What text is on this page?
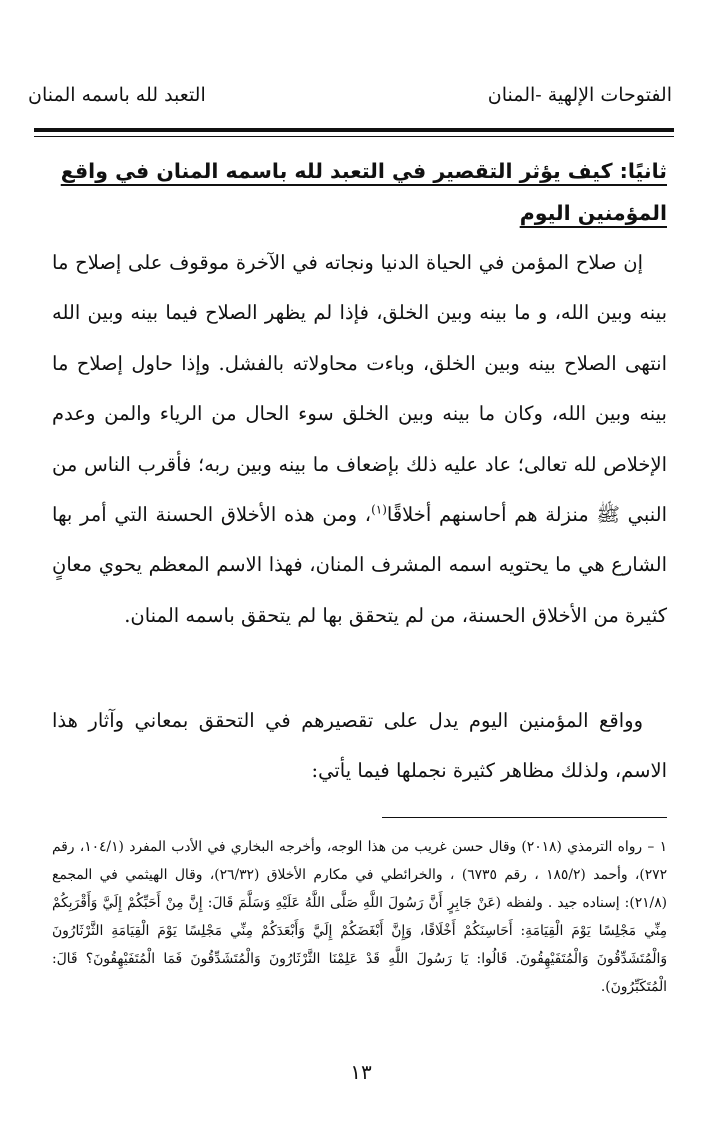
الفتوحات الإلهية -المنان
التعبد لله باسمه المنان
ثانيًا: كيف يؤثر التقصير في التعبد لله باسمه المنان في واقع المؤمنين اليوم
إن صلاح المؤمن في الحياة الدنيا ونجاته في الآخرة موقوف على إصلاح ما بينه وبين الله، و ما بينه وبين الخلق، فإذا لم يظهر الصلاح فيما بينه وبين الله انتهى الصلاح بينه وبين الخلق، وباءت محاولاته بالفشل. وإذا حاول إصلاح ما بينه وبين الله، وكان ما بينه وبين الخلق سوء الحال من الرياء والمن وعدم الإخلاص لله تعالى؛ عاد عليه ذلك بإضعاف ما بينه وبين ربه؛ فأقرب الناس من النبي ﷺ منزلة هم أحاسنهم أخلاقًا$^{(١)}$، ومن هذه الأخلاق الحسنة التي أمر بها الشارع هي ما يحتويه اسمه المشرف المنان، فهذا الاسم المعظم يحوي معانٍ كثيرة من الأخلاق الحسنة، من لم يتحقق بها لم يتحقق باسمه المنان.
وواقع المؤمنين اليوم يدل على تقصيرهم في التحقق بمعاني وآثار هذا الاسم، ولذلك مظاهر كثيرة نجملها فيما يأتي:
١ – رواه الترمذي (٢٠١٨) وقال حسن غريب من هذا الوجه، وأخرجه البخاري في الأدب المفرد (١٠٤/١، رقم ٢٧٢)، وأحمد (١٨٥/٢ ، رقم ٦٧٣٥) ، والخرائطي في مكارم الأخلاق (٢٦/٣٢)، وقال الهيثمي في المجمع (٢١/٨): إسناده جيد . ولفظه (عَنْ جَابِرٍ أَنَّ رَسُولَ اللَّهِ صَلَّى اللَّهُ عَلَيْهِ وَسَلَّمَ قَالَ: إِنَّ مِنْ أَحَبِّكُمْ إِلَيَّ وَأَقْرَبِكُمْ مِنِّي مَجْلِسًا يَوْمَ الْقِيَامَةِ: أَحَاسِنَكُمْ أَخْلَاقًا، وَإِنَّ أَبْغَضَكُمْ إِلَيَّ وَأَبْعَدَكُمْ مِنِّي مَجْلِسًا يَوْمَ الْقِيَامَةِ الثَّرْثَارُونَ وَالْمُتَشَدِّقُونَ وَالْمُتَفَيْهِقُونَ. قَالُوا: يَا رَسُولَ اللَّهِ قَدْ عَلِمْنَا الثَّرْثَارُونَ وَالْمُتَشَدِّقُونَ فَمَا الْمُتَفَيْهِقُونَ؟ قَالَ: الْمُتَكَبِّرُونَ).
١٣
